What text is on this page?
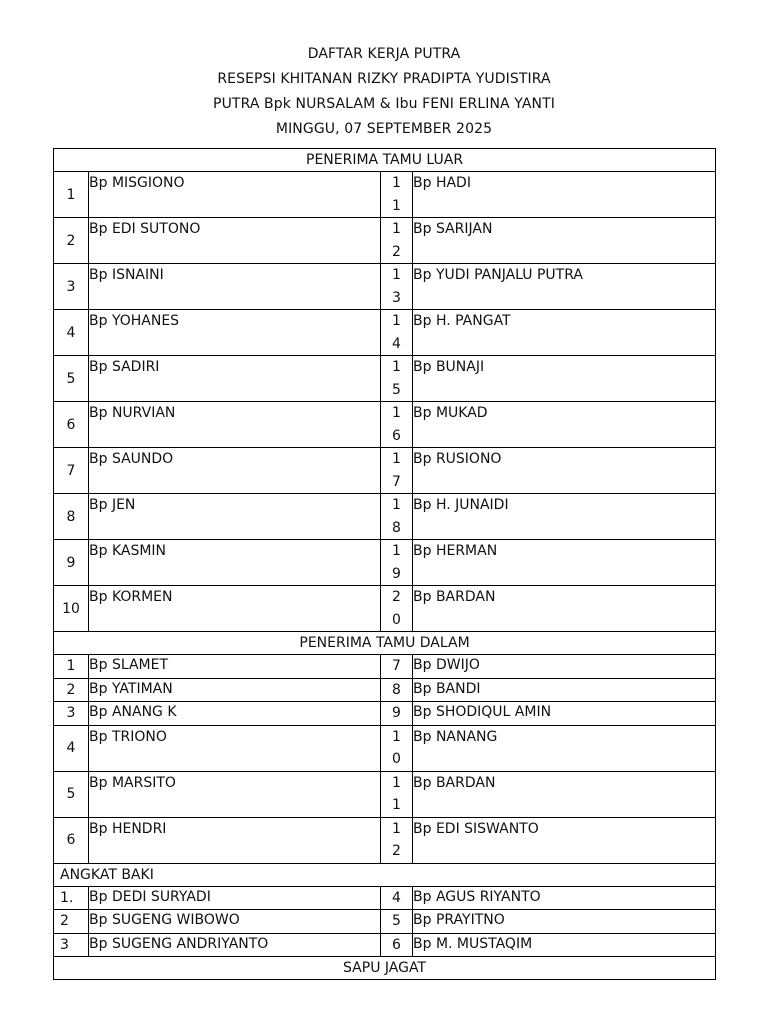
DAFTAR KERJA PUTRA
RESEPSI KHITANAN RIZKY PRADIPTA YUDISTIRA
PUTRA Bpk NURSALAM & Ibu FENI ERLINA YANTI
MINGGU, 07 SEPTEMBER 2025
PENERIMA TAMU LUAR			
1	Bp MISGIONO	11	Bp HADI
2	Bp EDI SUTONO	12	Bp SARIJAN
3	Bp ISNAINI	13	Bp YUDI PANJALU PUTRA
4	Bp YOHANES	14	Bp H. PANGAT
5	Bp SADIRI	15	Bp BUNAJI
6	Bp NURVIAN	16	Bp MUKAD
7	Bp SAUNDO	17	Bp RUSIONO
8	Bp JEN	18	Bp H. JUNAIDI
9	Bp KASMIN	19	Bp HERMAN
10	Bp KORMEN	20	Bp BARDAN
PENERIMA TAMU DALAM			
1	Bp SLAMET	7	Bp DWIJO
2	Bp YATIMAN	8	Bp BANDI
3	Bp ANANG K	9	Bp SHODIQUL AMIN
4	Bp TRIONO	10	Bp NANANG
5	Bp MARSITO	11	Bp BARDAN
6	Bp HENDRI	12	Bp EDI SISWANTO
ANGKAT BAKI			
1.	Bp DEDI SURYADI	4	Bp AGUS RIYANTO
2	Bp SUGENG WIBOWO	5	Bp PRAYITNO
3	Bp SUGENG ANDRIYANTO	6	Bp M. MUSTAQIM
SAPU JAGAT			
